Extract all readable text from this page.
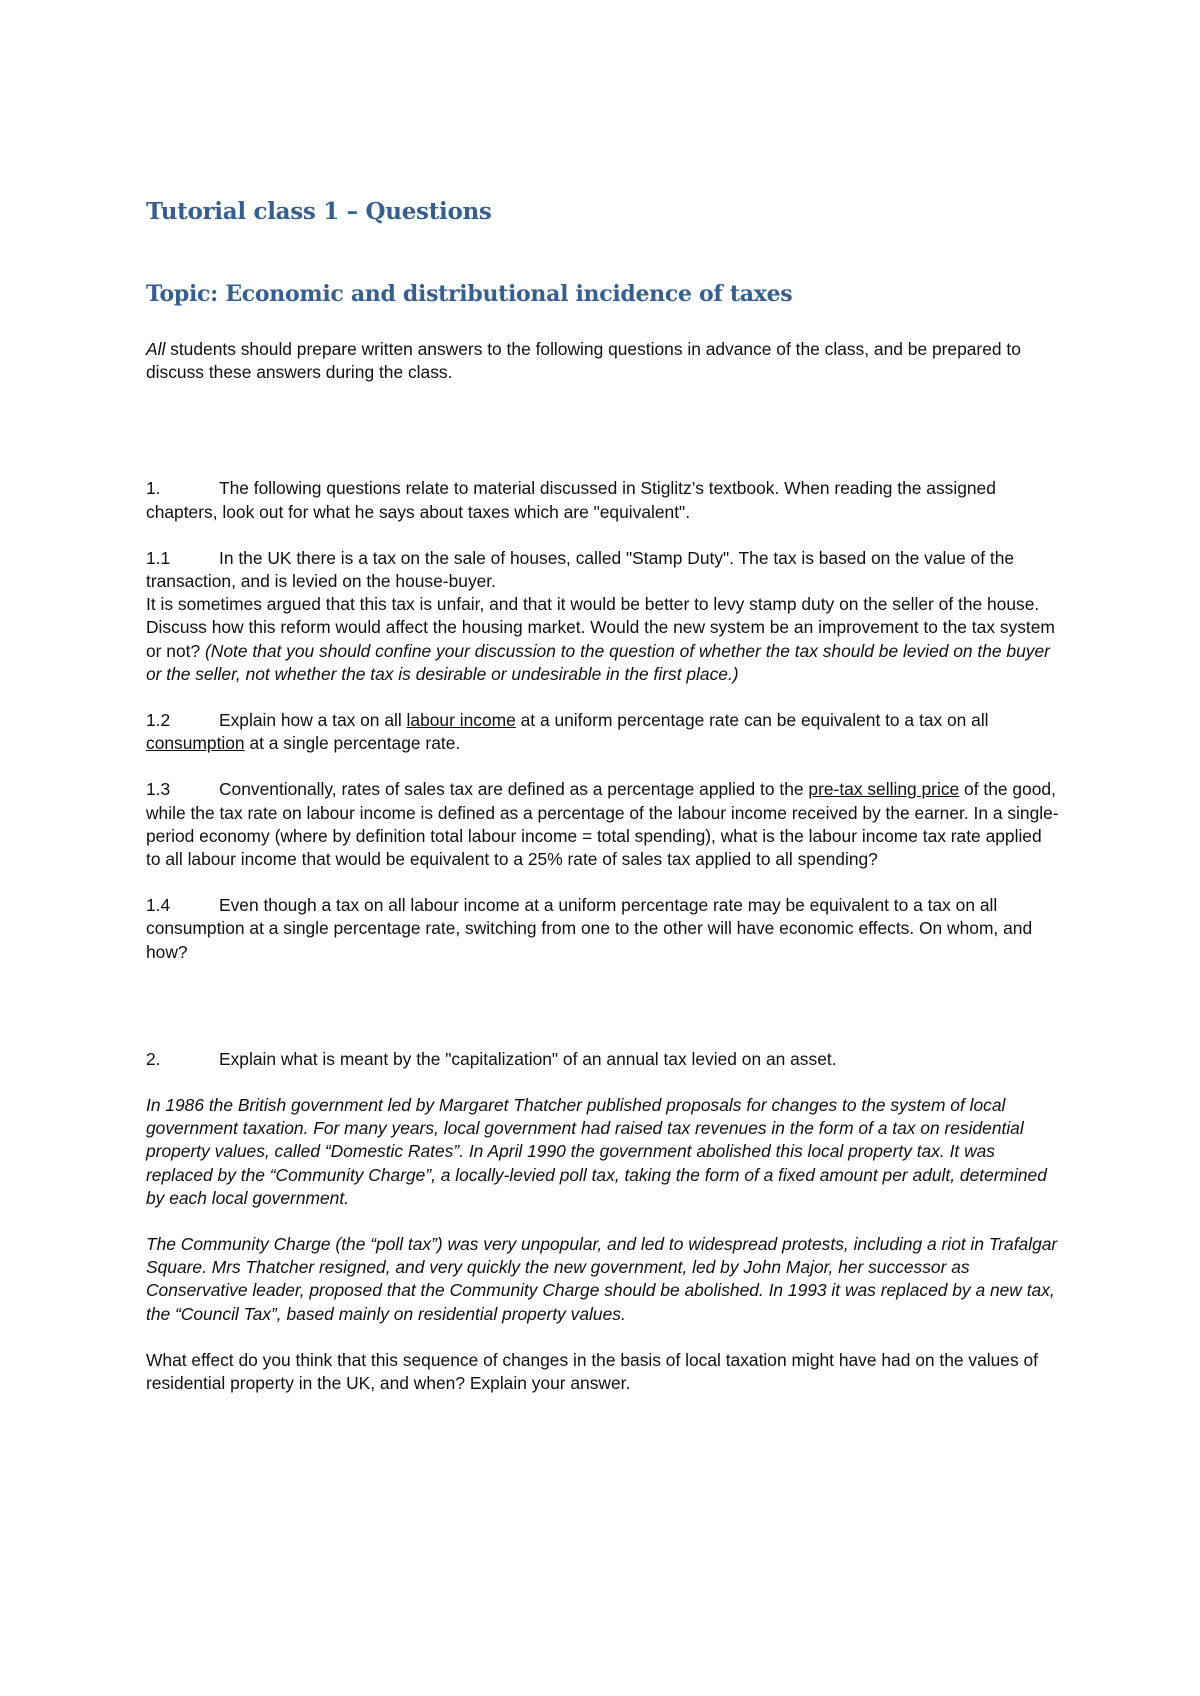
Tutorial class 1 – Questions
Topic: Economic and distributional incidence of taxes

All students should prepare written answers to the following questions in advance of the class, and be prepared to discuss these answers during the class.

1.	The following questions relate to material discussed in Stiglitz’s textbook. When reading the assigned chapters, look out for what he says about taxes which are "equivalent".

1.1	In the UK there is a tax on the sale of houses, called "Stamp Duty". The tax is based on the value of the transaction, and is levied on the house-buyer.

It is sometimes argued that this tax is unfair, and that it would be better to levy stamp duty on the seller of the house.

Discuss how this reform would affect the housing market. Would the new system be an improvement to the tax system or not? (Note that you should confine your discussion to the question of whether the tax should be levied on the buyer or the seller, not whether the tax is desirable or undesirable in the first place.)

1.2	Explain how a tax on all labour income at a uniform percentage rate can be equivalent to a tax on all consumption at a single percentage rate.

1.3	Conventionally, rates of sales tax are defined as a percentage applied to the pre-tax selling price of the good, while the tax rate on labour income is defined as a percentage of the labour income received by the earner. In a single-period economy (where by definition total labour income = total spending), what is the labour income tax rate applied to all labour income that would be equivalent to a 25% rate of sales tax applied to all spending?

1.4	Even though a tax on all labour income at a uniform percentage rate may be equivalent to a tax on all consumption at a single percentage rate, switching from one to the other will have economic effects. On whom, and how?

2.	Explain what is meant by the "capitalization" of an annual tax levied on an asset.

In 1986 the British government led by Margaret Thatcher published proposals for changes to the system of local government taxation. For many years, local government had raised tax revenues in the form of a tax on residential property values, called “Domestic Rates”. In April 1990 the government abolished this local property tax. It was replaced by the “Community Charge”, a locally-levied poll tax, taking the form of a fixed amount per adult, determined by each local government.

The Community Charge (the “poll tax”) was very unpopular, and led to widespread protests, including a riot in Trafalgar Square. Mrs Thatcher resigned, and very quickly the new government, led by John Major, her successor as Conservative leader, proposed that the Community Charge should be abolished. In 1993 it was replaced by a new tax, the “Council Tax”, based mainly on residential property values.

What effect do you think that this sequence of changes in the basis of local taxation might have had on the values of residential property in the UK, and when? Explain your answer.
